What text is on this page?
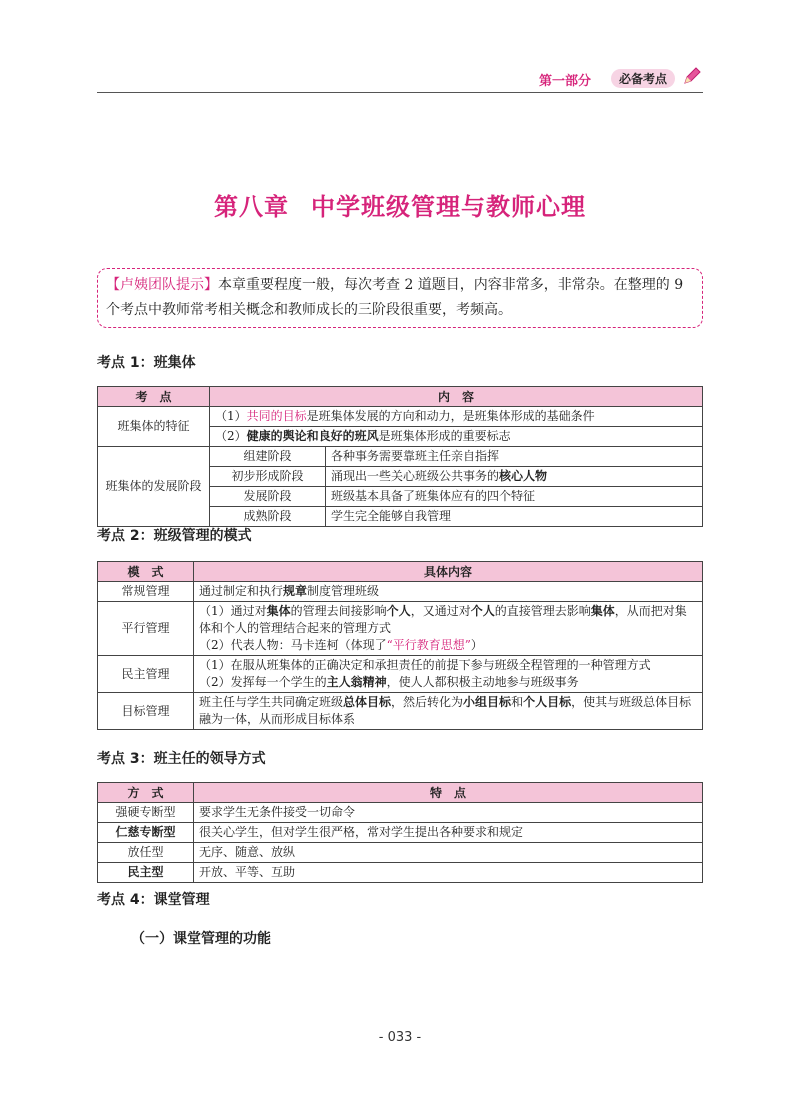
第一部分	必备考点
第八章 中学班级管理与教师心理
【卢姨团队提示】本章重要程度一般，每次考查 2 道题目，内容非常多，非常杂。在整理的 9 个考点中教师常考相关概念和教师成长的三阶段很重要，考频高。
考点 1：班集体
考　点	内　容	
班集体的特征	（1）共同的目标是班集体发展的方向和动力，是班集体形成的基础条件	
	（2）健康的舆论和良好的班风是班集体形成的重要标志	
班集体的发展阶段	组建阶段	各种事务需要靠班主任亲自指挥
	初步形成阶段	涌现出一些关心班级公共事务的核心人物
	发展阶段	班级基本具备了班集体应有的四个特征
	成熟阶段	学生完全能够自我管理
考点 2：班级管理的模式
模　式	具体内容
常规管理	通过制定和执行规章制度管理班级
平行管理	（1）通过对集体的管理去间接影响个人，又通过对个人的直接管理去影响集体，从而把对集体和个人的管理结合起来的管理方式
（2）代表人物：马卡连柯（体现了“平行教育思想”）

民主管理	（1）在服从班集体的正确决定和承担责任的前提下参与班级全程管理的一种管理方式
（2）发挥每一个学生的主人翁精神，使人人都积极主动地参与班级事务

目标管理	班主任与学生共同确定班级总体目标，然后转化为小组目标和个人目标，使其与班级总体目标融为一体，从而形成目标体系
考点 3：班主任的领导方式
方　式	特　点
强硬专断型	要求学生无条件接受一切命令
仁慈专断型	很关心学生，但对学生很严格，常对学生提出各种要求和规定
放任型	无序、随意、放纵
民主型	开放、平等、互助
考点 4：课堂管理
（一）课堂管理的功能
- 033 -
